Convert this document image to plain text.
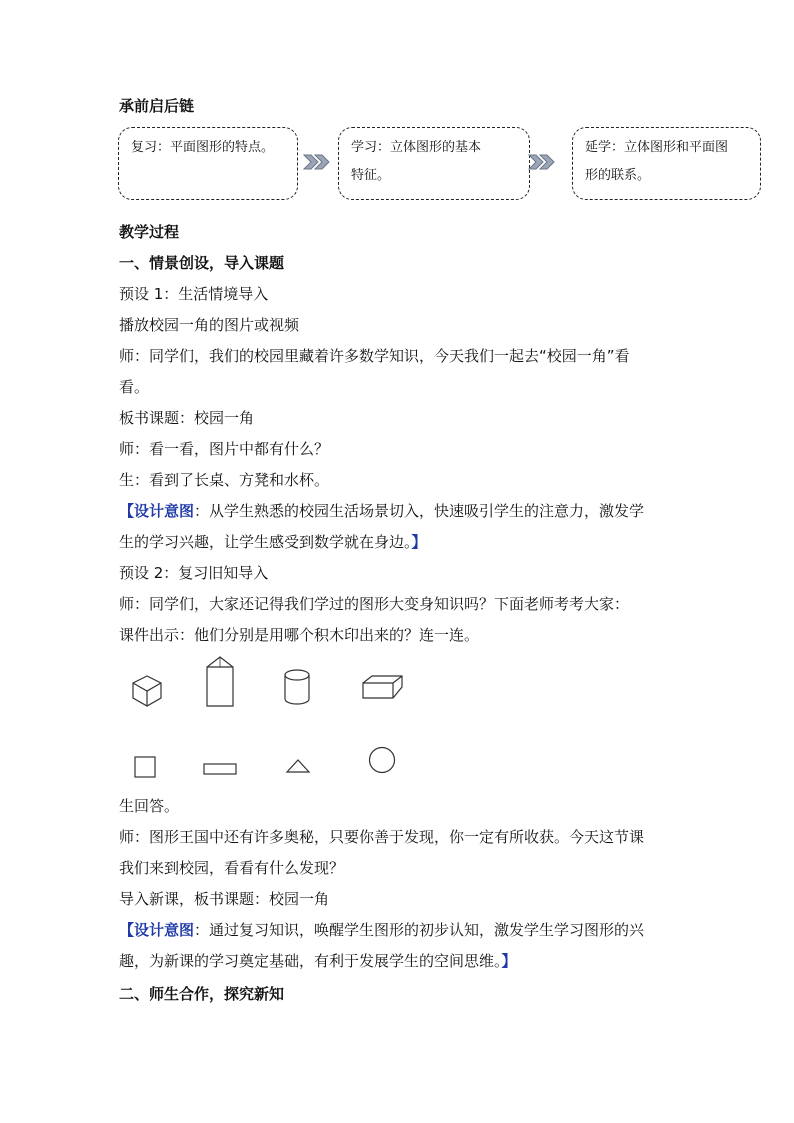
承前启后链
复习：平面图形的特点。	学习：立体图形的基本
特征。
延学：立体图形和平面图
形的联系。
教学过程
一、情景创设，导入课题
预设 1：生活情境导入
播放校园一角的图片或视频
师：同学们，我们的校园里藏着许多数学知识，今天我们一起去“校园一角”看
看。
板书课题：校园一角
师：看一看，图片中都有什么？
生：看到了长桌、方凳和水杯。
【设计意图：从学生熟悉的校园生活场景切入，快速吸引学生的注意力，激发学
生的学习兴趣，让学生感受到数学就在身边。】
预设 2：复习旧知导入
师：同学们，大家还记得我们学过的图形大变身知识吗？下面老师考考大家：
课件出示：他们分别是用哪个积木印出来的？连一连。
生回答。
师：图形王国中还有许多奥秘，只要你善于发现，你一定有所收获。今天这节课
我们来到校园，看看有什么发现？
导入新课，板书课题：校园一角
【设计意图：通过复习知识，唤醒学生图形的初步认知，激发学生学习图形的兴
趣，为新课的学习奠定基础，有利于发展学生的空间思维。】
二、师生合作，探究新知
